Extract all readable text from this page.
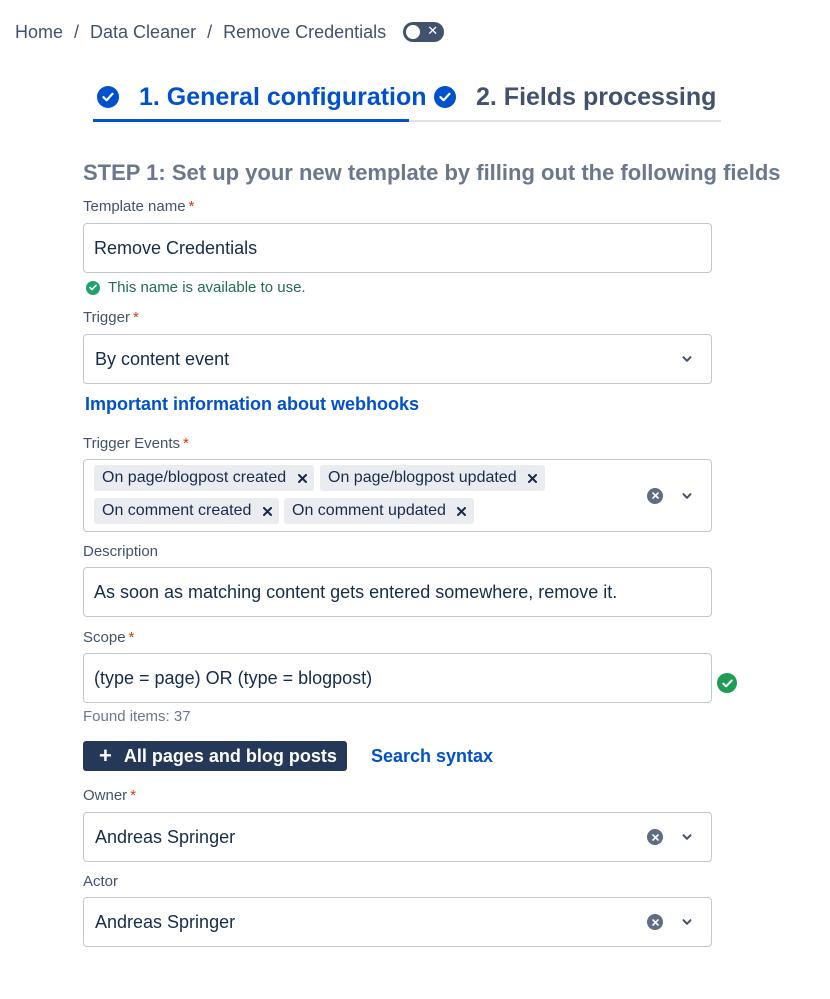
Home / Data Cleaner / Remove Credentials	✕
1. General configuration 2. Fields processing
STEP 1: Set up your new template by filling out the following fields
Template name *
Remove Credentials
This name is available to use.
Trigger *
By content event
Important information about webhooks
Trigger Events *
On page/blogpost created	On page/blogpost updated
On comment created	On comment updated
Description
As soon as matching content gets entered somewhere, remove it.
Scope *
(type = page) OR (type = blogpost)
Found items: 37
+ All pages and blog posts Search syntax
Owner *
Andreas Springer
Actor
Andreas Springer
